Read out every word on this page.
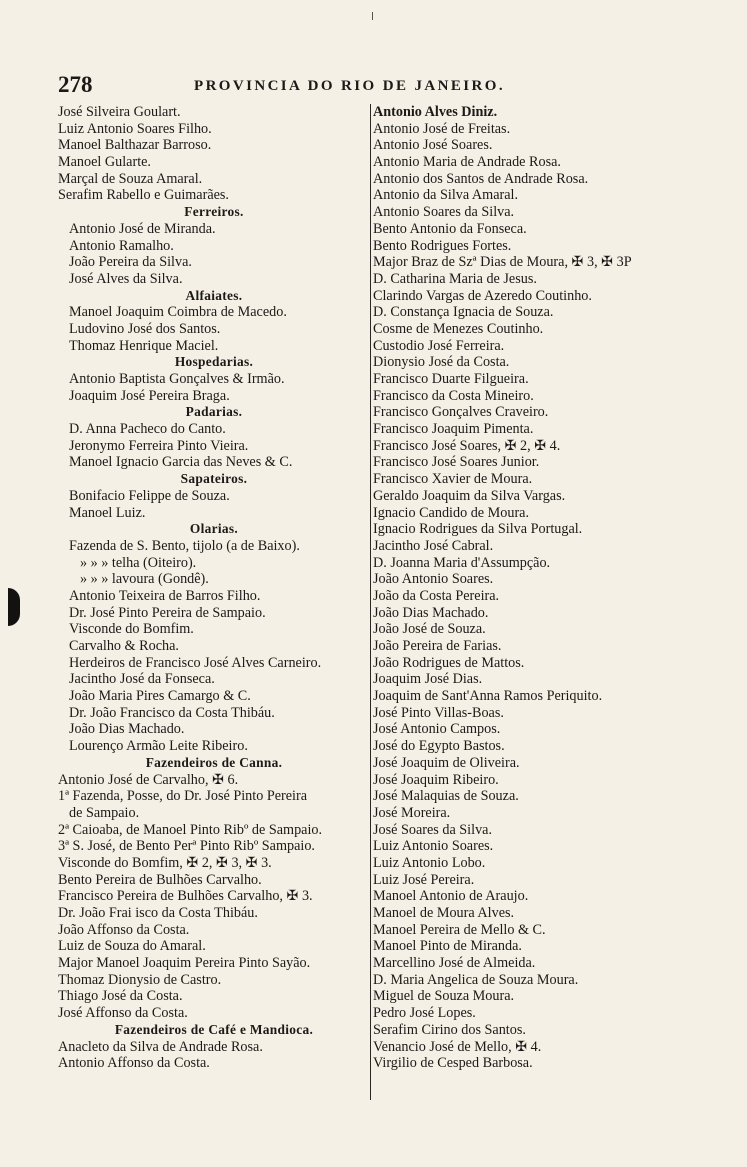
278	PROVINCIA DO RIO DE JANEIRO.
José Silveira Goulart.
Luiz Antonio Soares Filho.
Manoel Balthazar Barroso.
Manoel Gularte.
Marçal de Souza Amaral.
Serafim Rabello e Guimarães.
Ferreiros.
Antonio José de Miranda.
Antonio Ramalho.
João Pereira da Silva.
José Alves da Silva.
Alfaiates.
Manoel Joaquim Coimbra de Macedo.
Ludovino José dos Santos.
Thomaz Henrique Maciel.
Hospedarias.
Antonio Baptista Gonçalves & Irmão.
Joaquim José Pereira Braga.
Padarias.
D. Anna Pacheco do Canto.
Jeronymo Ferreira Pinto Vieira.
Manoel Ignacio Garcia das Neves & C.
Sapateiros.
Bonifacio Felippe de Souza.
Manoel Luiz.
Olarias.
Fazenda de S. Bento, tijolo (a de Baixo).
» » » telha (Oiteiro).
» » » lavoura (Gondê).
Antonio Teixeira de Barros Filho.
Dr. José Pinto Pereira de Sampaio.
Visconde do Bomfim.
Carvalho & Rocha.
Herdeiros de Francisco José Alves Carneiro.
Jacintho José da Fonseca.
João Maria Pires Camargo & C.
Dr. João Francisco da Costa Thibáu.
João Dias Machado.
Lourenço Armão Leite Ribeiro.
Fazendeiros de Canna.
Antonio José de Carvalho, ✠ 6.
1ª Fazenda, Posse, do Dr. José Pinto Pereira
de Sampaio.
2ª Caioaba, de Manoel Pinto Ribº de Sampaio.
3ª S. José, de Bento Perª Pinto Ribº Sampaio.
Visconde do Bomfim, ✠ 2, ✠ 3, ✠ 3.
Bento Pereira de Bulhões Carvalho.
Francisco Pereira de Bulhões Carvalho, ✠ 3.
Dr. João Frai isco da Costa Thibáu.
João Affonso da Costa.
Luiz de Souza do Amaral.
Major Manoel Joaquim Pereira Pinto Sayão.
Thomaz Dionysio de Castro.
Thiago José da Costa.
José Affonso da Costa.
Fazendeiros de Café e Mandioca.
Anacleto da Silva de Andrade Rosa.
Antonio Affonso da Costa.
Antonio Alves Diniz.
Antonio José de Freitas.
Antonio José Soares.
Antonio Maria de Andrade Rosa.
Antonio dos Santos de Andrade Rosa.
Antonio da Silva Amaral.
Antonio Soares da Silva.
Bento Antonio da Fonseca.
Bento Rodrigues Fortes.
Major Braz de Szª Dias de Moura, ✠ 3, ✠ 3P
D. Catharina Maria de Jesus.
Clarindo Vargas de Azeredo Coutinho.
D. Constança Ignacia de Souza.
Cosme de Menezes Coutinho.
Custodio José Ferreira.
Dionysio José da Costa.
Francisco Duarte Filgueira.
Francisco da Costa Mineiro.
Francisco Gonçalves Craveiro.
Francisco Joaquim Pimenta.
Francisco José Soares, ✠ 2, ✠ 4.
Francisco José Soares Junior.
Francisco Xavier de Moura.
Geraldo Joaquim da Silva Vargas.
Ignacio Candido de Moura.
Ignacio Rodrigues da Silva Portugal.
Jacintho José Cabral.
D. Joanna Maria d'Assumpção.
João Antonio Soares.
João da Costa Pereira.
João Dias Machado.
João José de Souza.
João Pereira de Farias.
João Rodrigues de Mattos.
Joaquim José Dias.
Joaquim de Sant'Anna Ramos Periquito.
José Pinto Villas-Boas.
José Antonio Campos.
José do Egypto Bastos.
José Joaquim de Oliveira.
José Joaquim Ribeiro.
José Malaquias de Souza.
José Moreira.
José Soares da Silva.
Luiz Antonio Soares.
Luiz Antonio Lobo.
Luiz José Pereira.
Manoel Antonio de Araujo.
Manoel de Moura Alves.
Manoel Pereira de Mello & C.
Manoel Pinto de Miranda.
Marcellino José de Almeida.
D. Maria Angelica de Souza Moura.
Miguel de Souza Moura.
Pedro José Lopes.
Serafim Cirino dos Santos.
Venancio José de Mello, ✠ 4.
Virgilio de Cesped Barbosa.
